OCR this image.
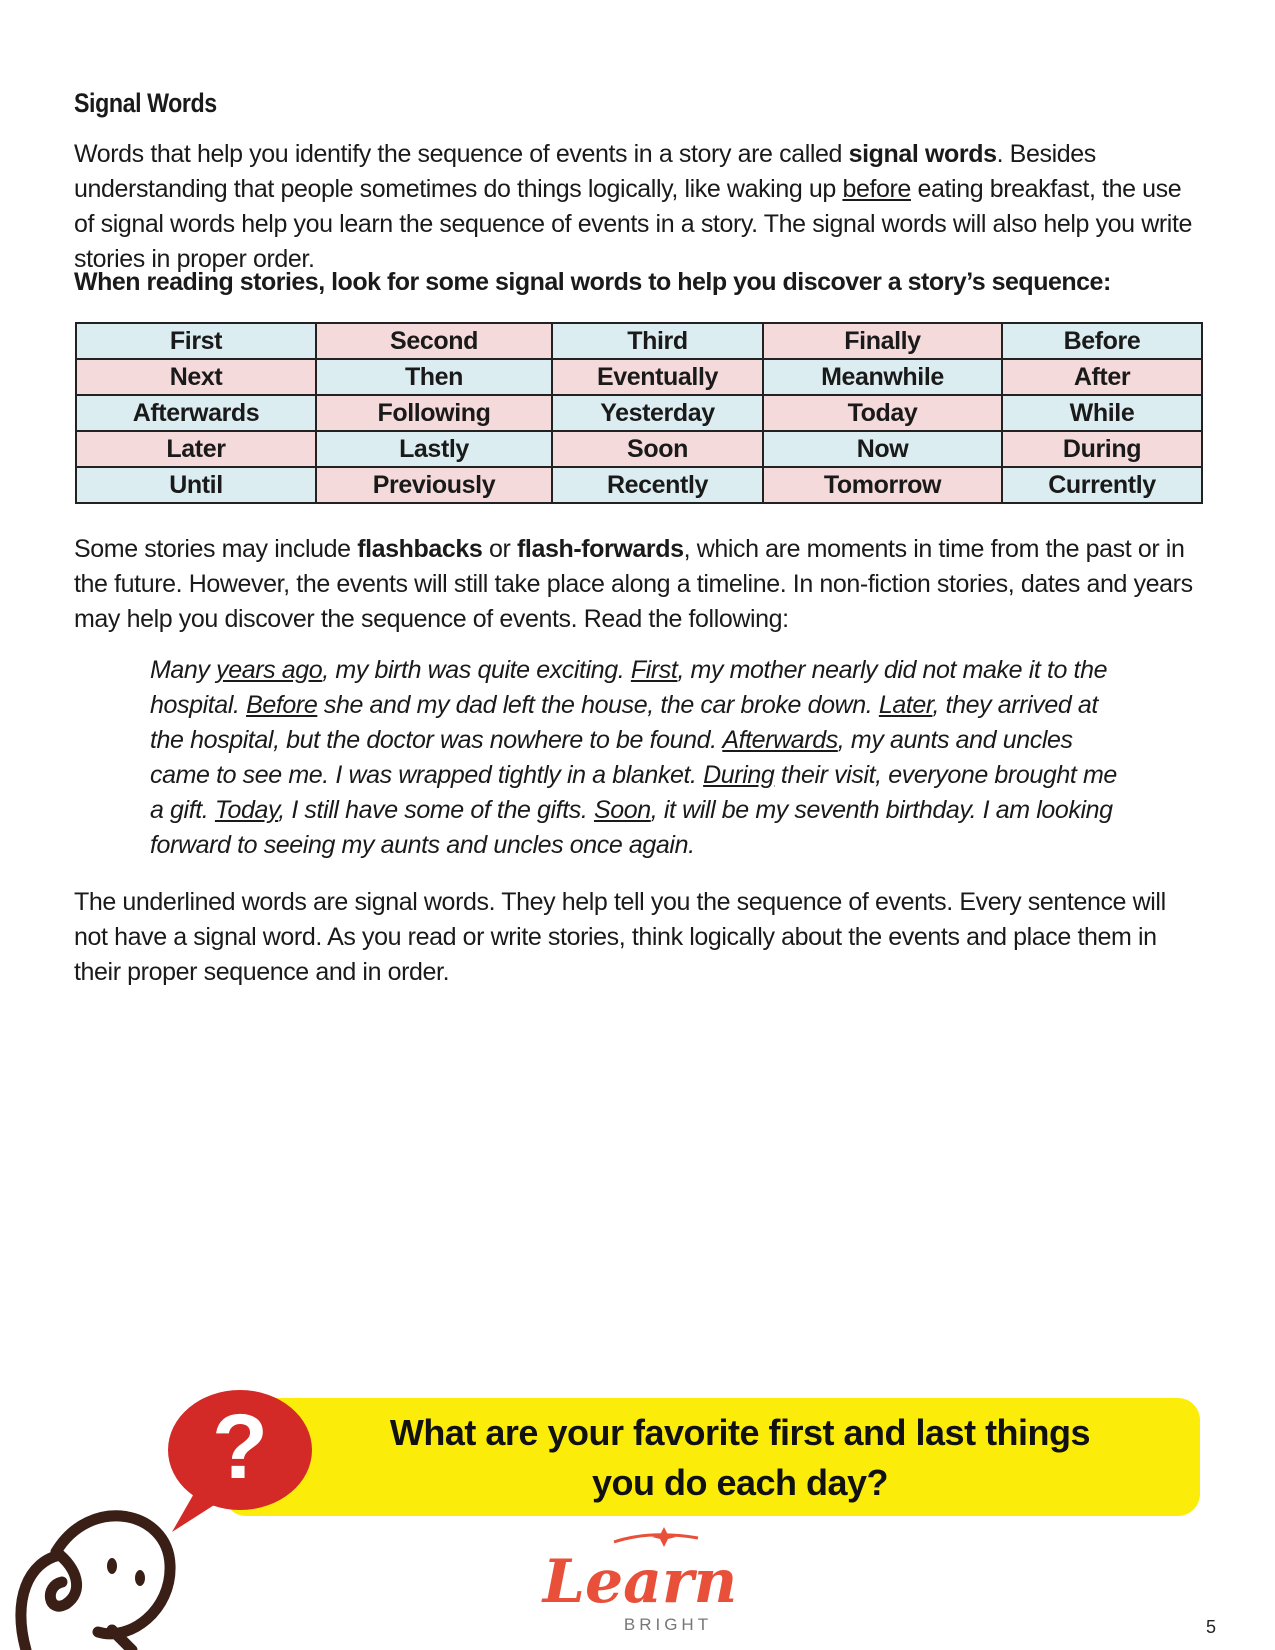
Signal Words

Words that help you identify the sequence of events in a story are called signal words. Besides understanding that people sometimes do things logically, like waking up before eating breakfast, the use of signal words help you learn the sequence of events in a story. The signal words will also help you write stories in proper order.

When reading stories, look for some signal words to help you discover a story’s sequence:
First	Second	Third	Finally	Before
Next	Then	Eventually	Meanwhile	After
Afterwards	Following	Yesterday	Today	While
Later	Lastly	Soon	Now	During
Until	Previously	Recently	Tomorrow	Currently

Some stories may include flashbacks or flash-forwards, which are moments in time from the past or in the future. However, the events will still take place along a timeline. In non-fiction stories, dates and years may help you discover the sequence of events. Read the following:

Many years ago, my birth was quite exciting. First, my mother nearly did not make it to the hospital. Before she and my dad left the house, the car broke down. Later, they arrived at the hospital, but the doctor was nowhere to be found. Afterwards, my aunts and uncles came to see me. I was wrapped tightly in a blanket. During their visit, everyone brought me a gift. Today, I still have some of the gifts. Soon, it will be my seventh birthday. I am looking forward to seeing my aunts and uncles once again.
The underlined words are signal words. They help tell you the sequence of events. Every sentence will not have a signal word. As you read or write stories, think logically about the events and place them in their proper sequence and in order.
What are your favorite first and last things
you do each day?
?
Learn
BRIGHT	5
